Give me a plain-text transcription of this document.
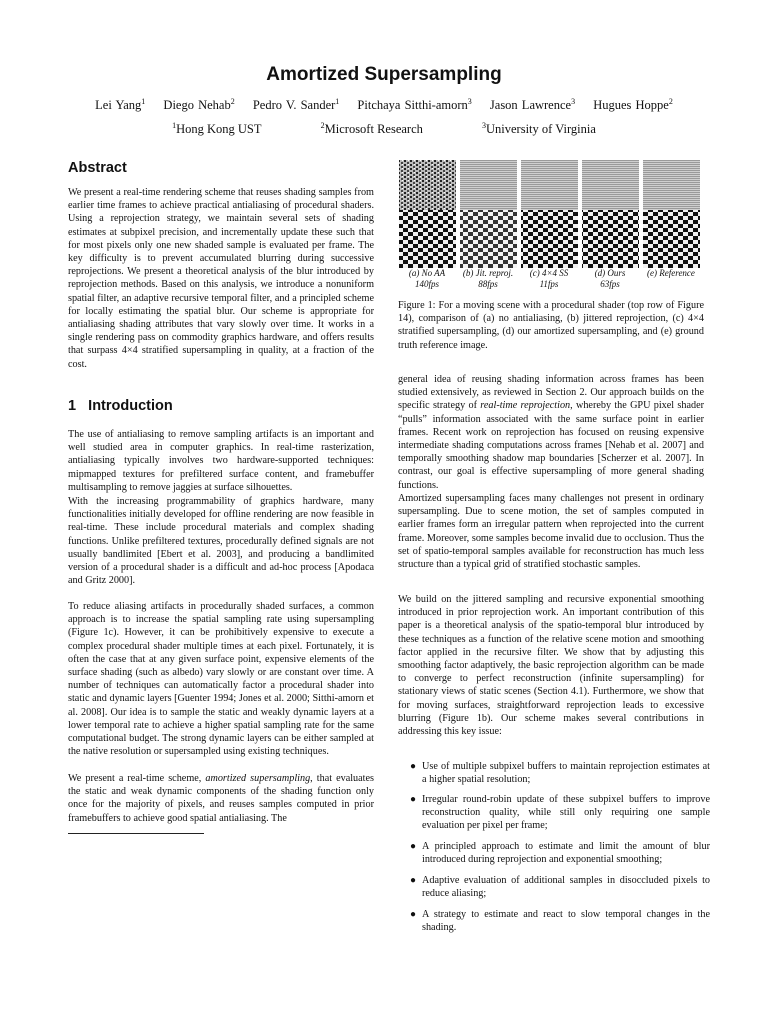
Amortized Supersampling
Lei Yang$^1$ Diego Nehab$^2$ Pedro V. Sander$^1$ Pitchaya Sitthi-amorn$^3$ Jason Lawrence$^3$ Hugues Hoppe$^2$
$^1$Hong Kong UST	$^2$Microsoft Research	$^3$University of Virginia
Abstract

We present a real-time rendering scheme that reuses shading samples from earlier time frames to achieve practical antialiasing of procedural shaders. Using a reprojection strategy, we maintain several sets of shading estimates at subpixel precision, and incrementally update these such that for most pixels only one new shaded sample is evaluated per frame. The key difficulty is to prevent accumulated blurring during successive reprojections. We present a theoretical analysis of the blur introduced by reprojection methods. Based on this analysis, we introduce a nonuniform spatial filter, an adaptive recursive temporal filter, and a principled scheme for locally estimating the spatial blur. Our scheme is appropriate for antialiasing shading attributes that vary slowly over time. It works in a single rendering pass on commodity graphics hardware, and offers results that surpass 4×4 stratified supersampling in quality, at a fraction of the cost.

1 Introduction

The use of antialiasing to remove sampling artifacts is an important and well studied area in computer graphics. In real-time rasterization, antialiasing typically involves two hardware-supported techniques: mipmapped textures for prefiltered surface content, and framebuffer multisampling to remove jaggies at surface silhouettes.

With the increasing programmability of graphics hardware, many functionalities initially developed for offline rendering are now feasible in real-time. These include procedural materials and complex shading functions. Unlike prefiltered textures, procedurally defined signals are not usually bandlimited [Ebert et al. 2003], and producing a bandlimited version of a procedural shader is a difficult and ad-hoc process [Apodaca and Gritz 2000].

To reduce aliasing artifacts in procedurally shaded surfaces, a common approach is to increase the spatial sampling rate using supersampling (Figure 1c). However, it can be prohibitively expensive to execute a complex procedural shader multiple times at each pixel. Fortunately, it is often the case that at any given surface point, expensive elements of the surface shading (such as albedo) vary slowly or are constant over time. A number of techniques can automatically factor a procedural shader into static and dynamic layers [Guenter 1994; Jones et al. 2000; Sitthi-amorn et al. 2008]. Our idea is to sample the static and weakly dynamic layers at a lower temporal rate to achieve a higher spatial sampling rate for the same computational budget. The strong dynamic layers can be either sampled at the native resolution or supersampled using existing techniques.

We present a real-time scheme, amortized supersampling, that evaluates the static and weak dynamic components of the shading function only once for the majority of pixels, and reuses samples computed in prior framebuffers to achieve good spatial antialiasing. The

(a) No AA
140fps
(b) Jit. reproj.
88fps
(c) 4×4 SS
11fps
(d) Ours
63fps
(e) Reference

Figure 1: For a moving scene with a procedural shader (top row of Figure 14), comparison of (a) no antialiasing, (b) jittered reprojection, (c) 4×4 stratified supersampling, (d) our amortized supersampling, and (e) ground truth reference image.

general idea of reusing shading information across frames has been studied extensively, as reviewed in Section 2. Our approach builds on the specific strategy of real-time reprojection, whereby the GPU pixel shader “pulls” information associated with the same surface point in earlier frames. Recent work on reprojection has focused on reusing expensive intermediate shading computations across frames [Nehab et al. 2007] and temporally smoothing shadow map boundaries [Scherzer et al. 2007]. In contrast, our goal is effective supersampling of more general shading functions.

Amortized supersampling faces many challenges not present in ordinary supersampling. Due to scene motion, the set of samples computed in earlier frames form an irregular pattern when reprojected into the current frame. Moreover, some samples become invalid due to occlusion. Thus the set of spatio-temporal samples available for reconstruction has much less structure than a typical grid of stratified stochastic samples.

We build on the jittered sampling and recursive exponential smoothing introduced in prior reprojection work. An important contribution of this paper is a theoretical analysis of the spatio-temporal blur introduced by these techniques as a function of the relative scene motion and smoothing factor applied in the recursive filter. We show that by adjusting this smoothing factor adaptively, the basic reprojection algorithm can be made to converge to perfect reconstruction (infinite supersampling) for stationary views of static scenes (Section 4.1). Furthermore, we show that for moving surfaces, straightforward reprojection leads to excessive blurring (Figure 1b). Our scheme makes several contributions in addressing this key issue:

● Use of multiple subpixel buffers to maintain reprojection estimates at a higher spatial resolution;
● Irregular round-robin update of these subpixel buffers to improve reconstruction quality, while still only requiring one sample evaluation per pixel per frame;
● A principled approach to estimate and limit the amount of blur introduced during reprojection and exponential smoothing;
● Adaptive evaluation of additional samples in disoccluded pixels to reduce aliasing;
● A strategy to estimate and react to slow temporal changes in the shading.
